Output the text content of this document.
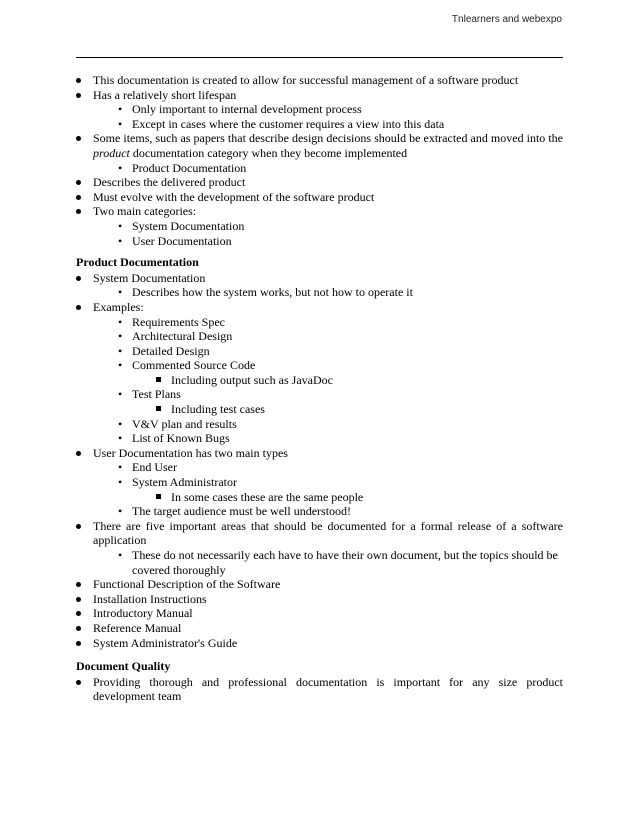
Tnlearners and webexpo
This documentation is created to allow for successful management of a software product
Has a relatively short lifespan
• Only important to internal development process
• Except in cases where the customer requires a view into this data
Some items, such as papers that describe design decisions should be extracted and moved into the product documentation category when they become implemented
• Product Documentation
Describes the delivered product
Must evolve with the development of the software product
Two main categories:
• System Documentation
• User Documentation
Product Documentation
System Documentation
• Describes how the system works, but not how to operate it
Examples:
• Requirements Spec
• Architectural Design
• Detailed Design
• Commented Source Code
Including output such as JavaDoc
• Test Plans
Including test cases
• V&V plan and results
• List of Known Bugs
User Documentation has two main types
• End User
• System Administrator
In some cases these are the same people
• The target audience must be well understood!
There are five important areas that should be documented for a formal release of a software application
• These do not necessarily each have to have their own document, but the topics should be covered thoroughly
Functional Description of the Software
Installation Instructions
Introductory Manual
Reference Manual
System Administrator's Guide
Document Quality
Providing thorough and professional documentation is important for any size product development team
